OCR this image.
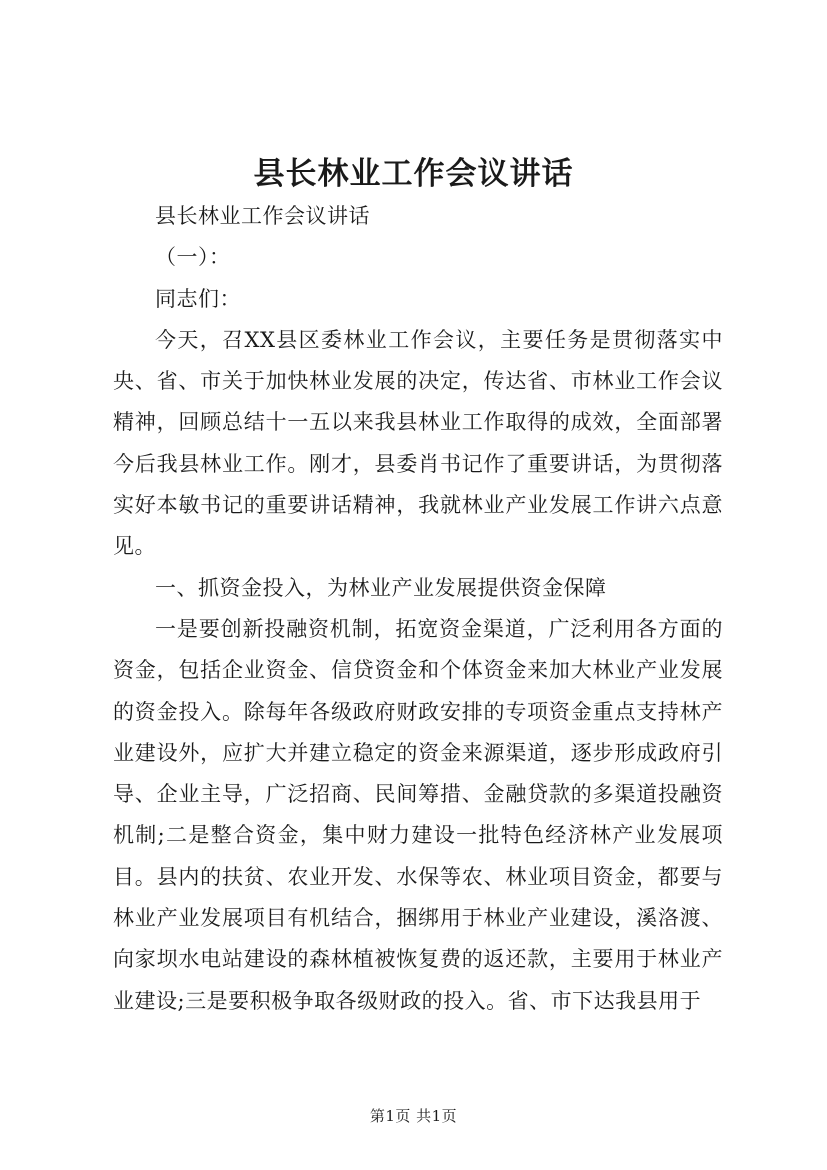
县长林业工作会议讲话

县长林业工作会议讲话

（一）：

同志们：

今天，召XX县区委林业工作会议，主要任务是贯彻落实中央、省、市关于加快林业发展的决定，传达省、市林业工作会议精神，回顾总结十一五以来我县林业工作取得的成效，全面部署今后我县林业工作。刚才，县委肖书记作了重要讲话，为贯彻落实好本敏书记的重要讲话精神，我就林业产业发展工作讲六点意见。

一、抓资金投入，为林业产业发展提供资金保障

一是要创新投融资机制，拓宽资金渠道，广泛利用各方面的资金，包括企业资金、信贷资金和个体资金来加大林业产业发展的资金投入。除每年各级政府财政安排的专项资金重点支持林产业建设外，应扩大并建立稳定的资金来源渠道，逐步形成政府引导、企业主导，广泛招商、民间筹措、金融贷款的多渠道投融资机制;二是整合资金，集中财力建设一批特色经济林产业发展项目。县内的扶贫、农业开发、水保等农、林业项目资金，都要与林业产业发展项目有机结合，捆绑用于林业产业建设，溪洛渡、向家坝水电站建设的森林植被恢复费的返还款，主要用于林业产业建设;三是要积极争取各级财政的投入。省、市下达我县用于

第1页 共1页
